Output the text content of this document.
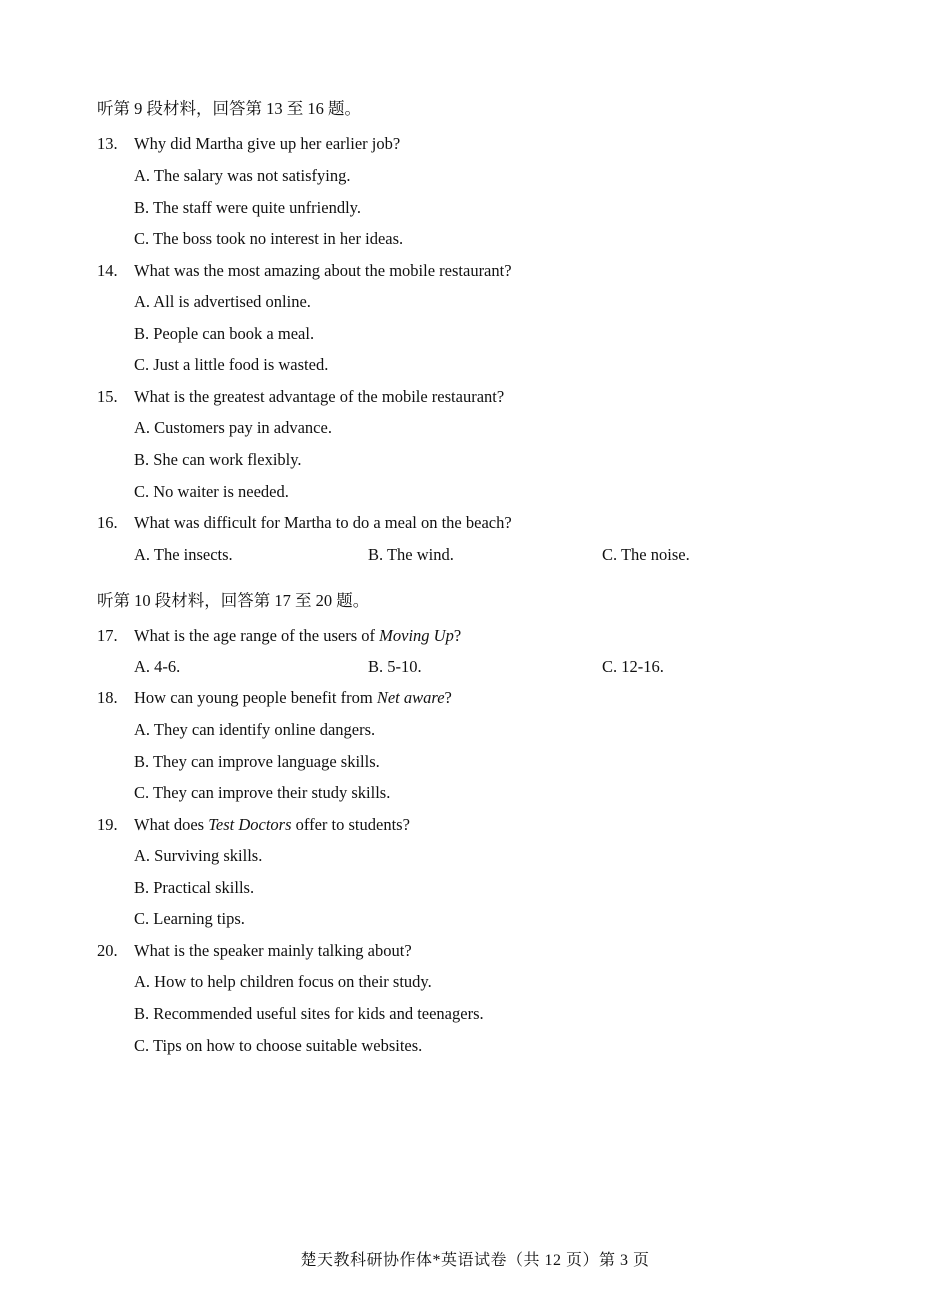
听第 9 段材料，回答第 13 至 16 题。
13. Why did Martha give up her earlier job?
A. The salary was not satisfying.
B. The staff were quite unfriendly.
C. The boss took no interest in her ideas.
14. What was the most amazing about the mobile restaurant?
A. All is advertised online.
B. People can book a meal.
C. Just a little food is wasted.
15. What is the greatest advantage of the mobile restaurant?
A. Customers pay in advance.
B. She can work flexibly.
C. No waiter is needed.
16. What was difficult for Martha to do a meal on the beach?
A. The insects.	B. The wind.	C. The noise.
听第 10 段材料，回答第 17 至 20 题。
17. What is the age range of the users of Moving Up?
A. 4-6.	B. 5-10.	C. 12-16.
18. How can young people benefit from Net aware?
A. They can identify online dangers.
B. They can improve language skills.
C. They can improve their study skills.
19. What does Test Doctors offer to students?
A. Surviving skills.
B. Practical skills.
C. Learning tips.
20. What is the speaker mainly talking about?
A. How to help children focus on their study.
B. Recommended useful sites for kids and teenagers.
C. Tips on how to choose suitable websites.
楚天教科研协作体*英语试卷（共 12 页）第 3 页
